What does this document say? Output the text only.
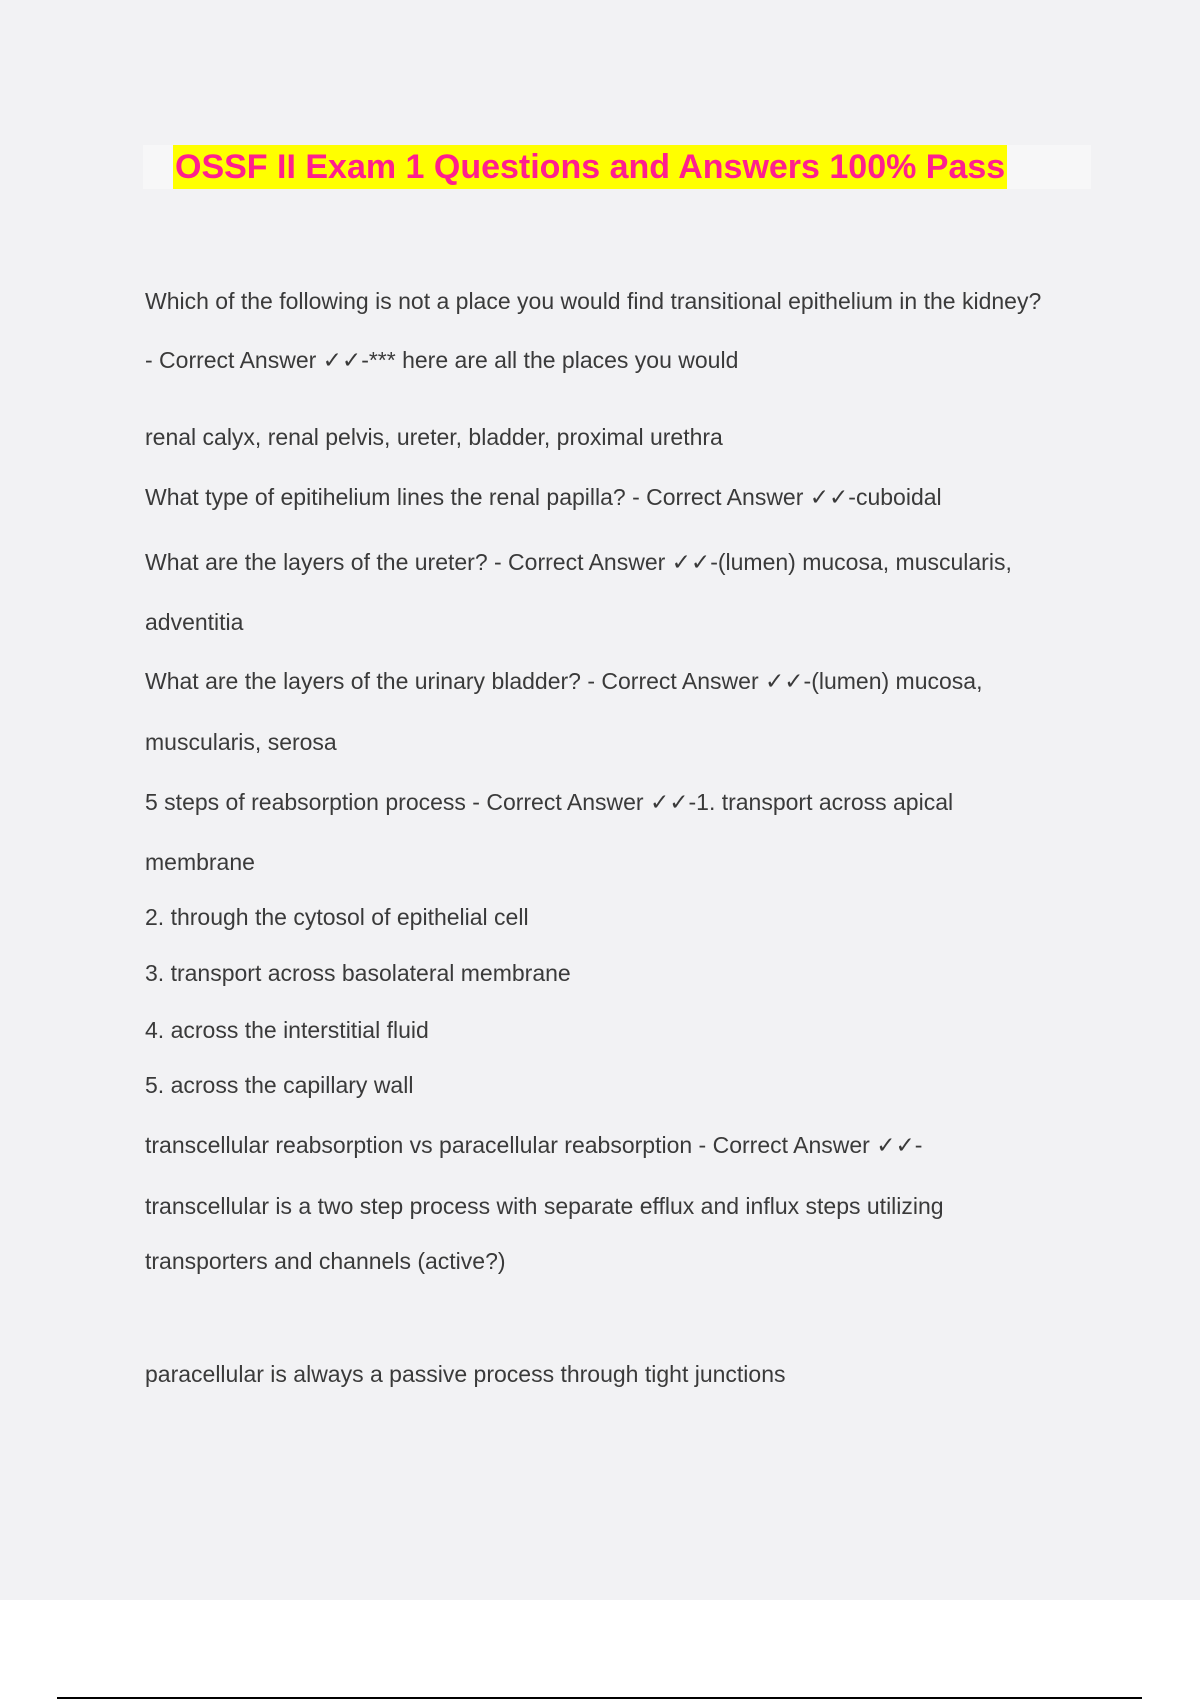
OSSF II Exam 1 Questions and Answers 100% Pass
Which of the following is not a place you would find transitional epithelium in the kidney?
- Correct Answer ✓✓-*** here are all the places you would
renal calyx, renal pelvis, ureter, bladder, proximal urethra
What type of epitihelium lines the renal papilla? - Correct Answer ✓✓-cuboidal
What are the layers of the ureter? - Correct Answer ✓✓-(lumen) mucosa, muscularis,
adventitia
What are the layers of the urinary bladder? - Correct Answer ✓✓-(lumen) mucosa,
muscularis, serosa
5 steps of reabsorption process - Correct Answer ✓✓-1. transport across apical
membrane
2. through the cytosol of epithelial cell
3. transport across basolateral membrane
4. across the interstitial fluid
5. across the capillary wall
transcellular reabsorption vs paracellular reabsorption - Correct Answer ✓✓-
transcellular is a two step process with separate efflux and influx steps utilizing
transporters and channels (active?)
paracellular is always a passive process through tight junctions
